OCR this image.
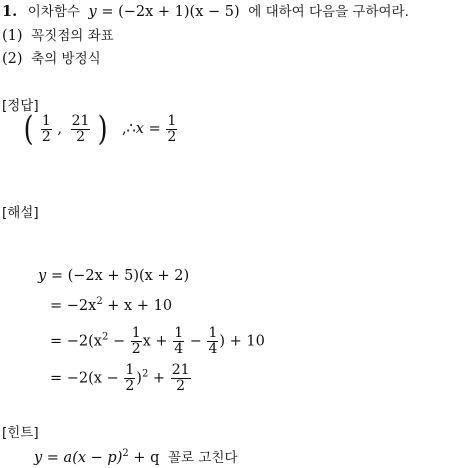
1. 이차함수 y = (−2x + 1)(x − 5) 에 대하여 다음을 구하여라.
(1) 꼭짓점의 좌표
(2) 축의 방정식
[정답]
( $\frac{1}{2}$ , $\frac{21}{2}$ ) ,∴x = $\frac{1}{2}$
[해설]
y = (−2x + 5)(x + 2)
= $-2x^2 + x + 10$
= $-2(x^2 - \frac{1}{2}$ $x + \frac{1}{4} - \frac{1}{4}$ ) + 10
= $-2(x - \frac{1}{2} )^2 + \frac{21}{2}$
[힌트]
$y = a(x - p)^2 + q$ 꼴로 고친다
